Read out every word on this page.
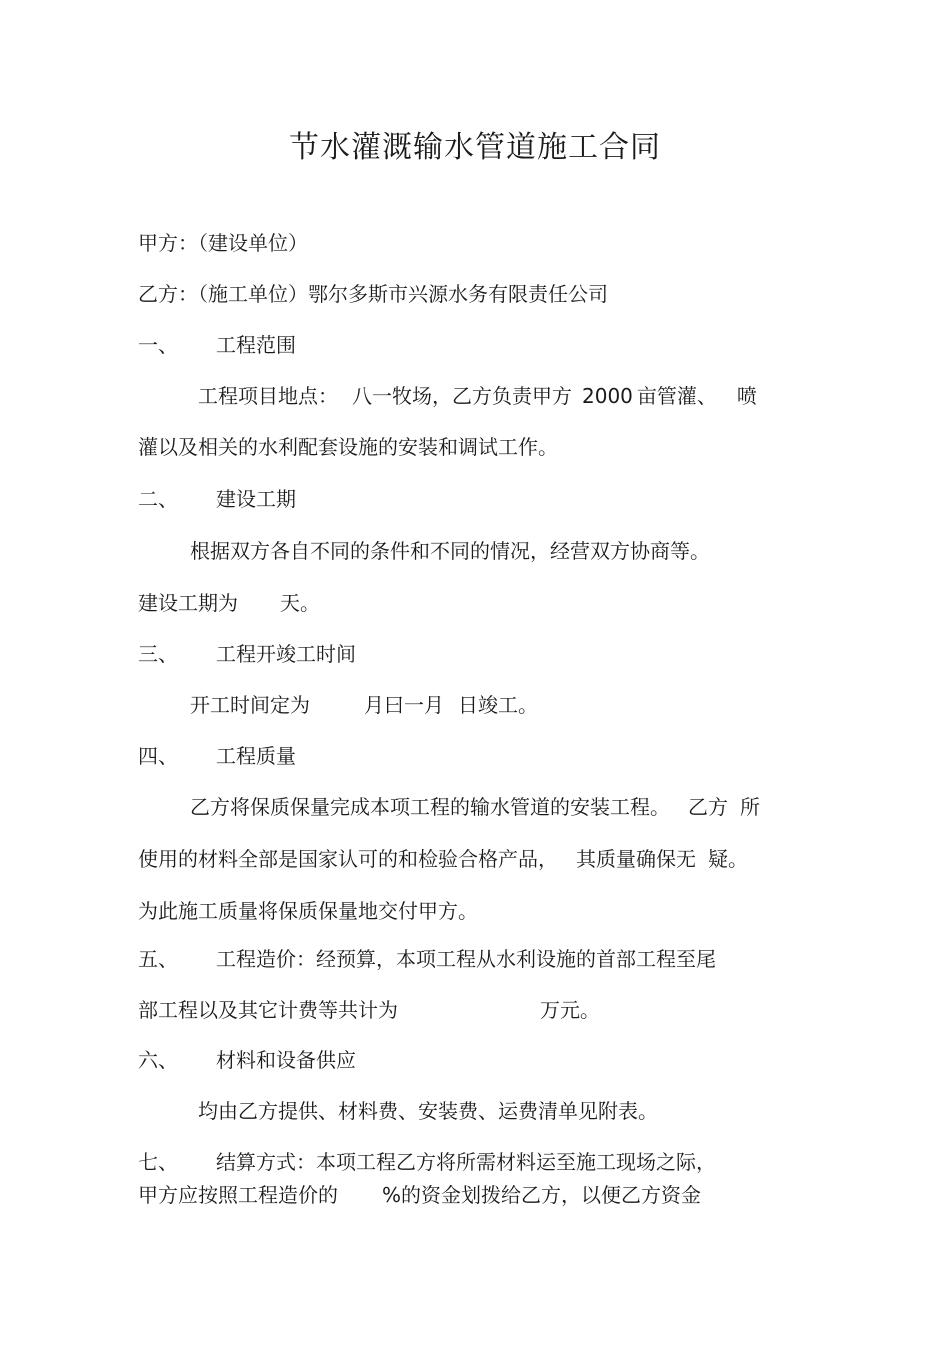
节水灌溉输水管道施工合同
甲方：（建设单位）
乙方：（施工单位）鄂尔多斯市兴源水务有限责任公司
一、 工程范围
工程项目地点： 八一牧场，乙方负责甲方 2000 亩管灌、 喷
灌以及相关的水利配套设施的安装和调试工作。
二、 建设工期
根据双方各自不同的条件和不同的情况，经营双方协商等。
建设工期为 天。
三、 工程开竣工时间
开工时间定为	月曰一月 日竣工。
四、 工程质量
乙方将保质保量完成本项工程的输水管道的安装工程。 乙方 所
使用的材料全部是国家认可的和检验合格产品， 其质量确保无 疑。
为此施工质量将保质保量地交付甲方。
五、 工程造价：经预算，本项工程从水利设施的首部工程至尾
部工程以及其它计费等共计为	万元。
六、 材料和设备供应
均由乙方提供、材料费、安装费、运费清单见附表。
七、 结算方式：本项工程乙方将所需材料运至施工现场之际，
甲方应按照工程造价的 %的资金划拨给乙方，以便乙方资金
